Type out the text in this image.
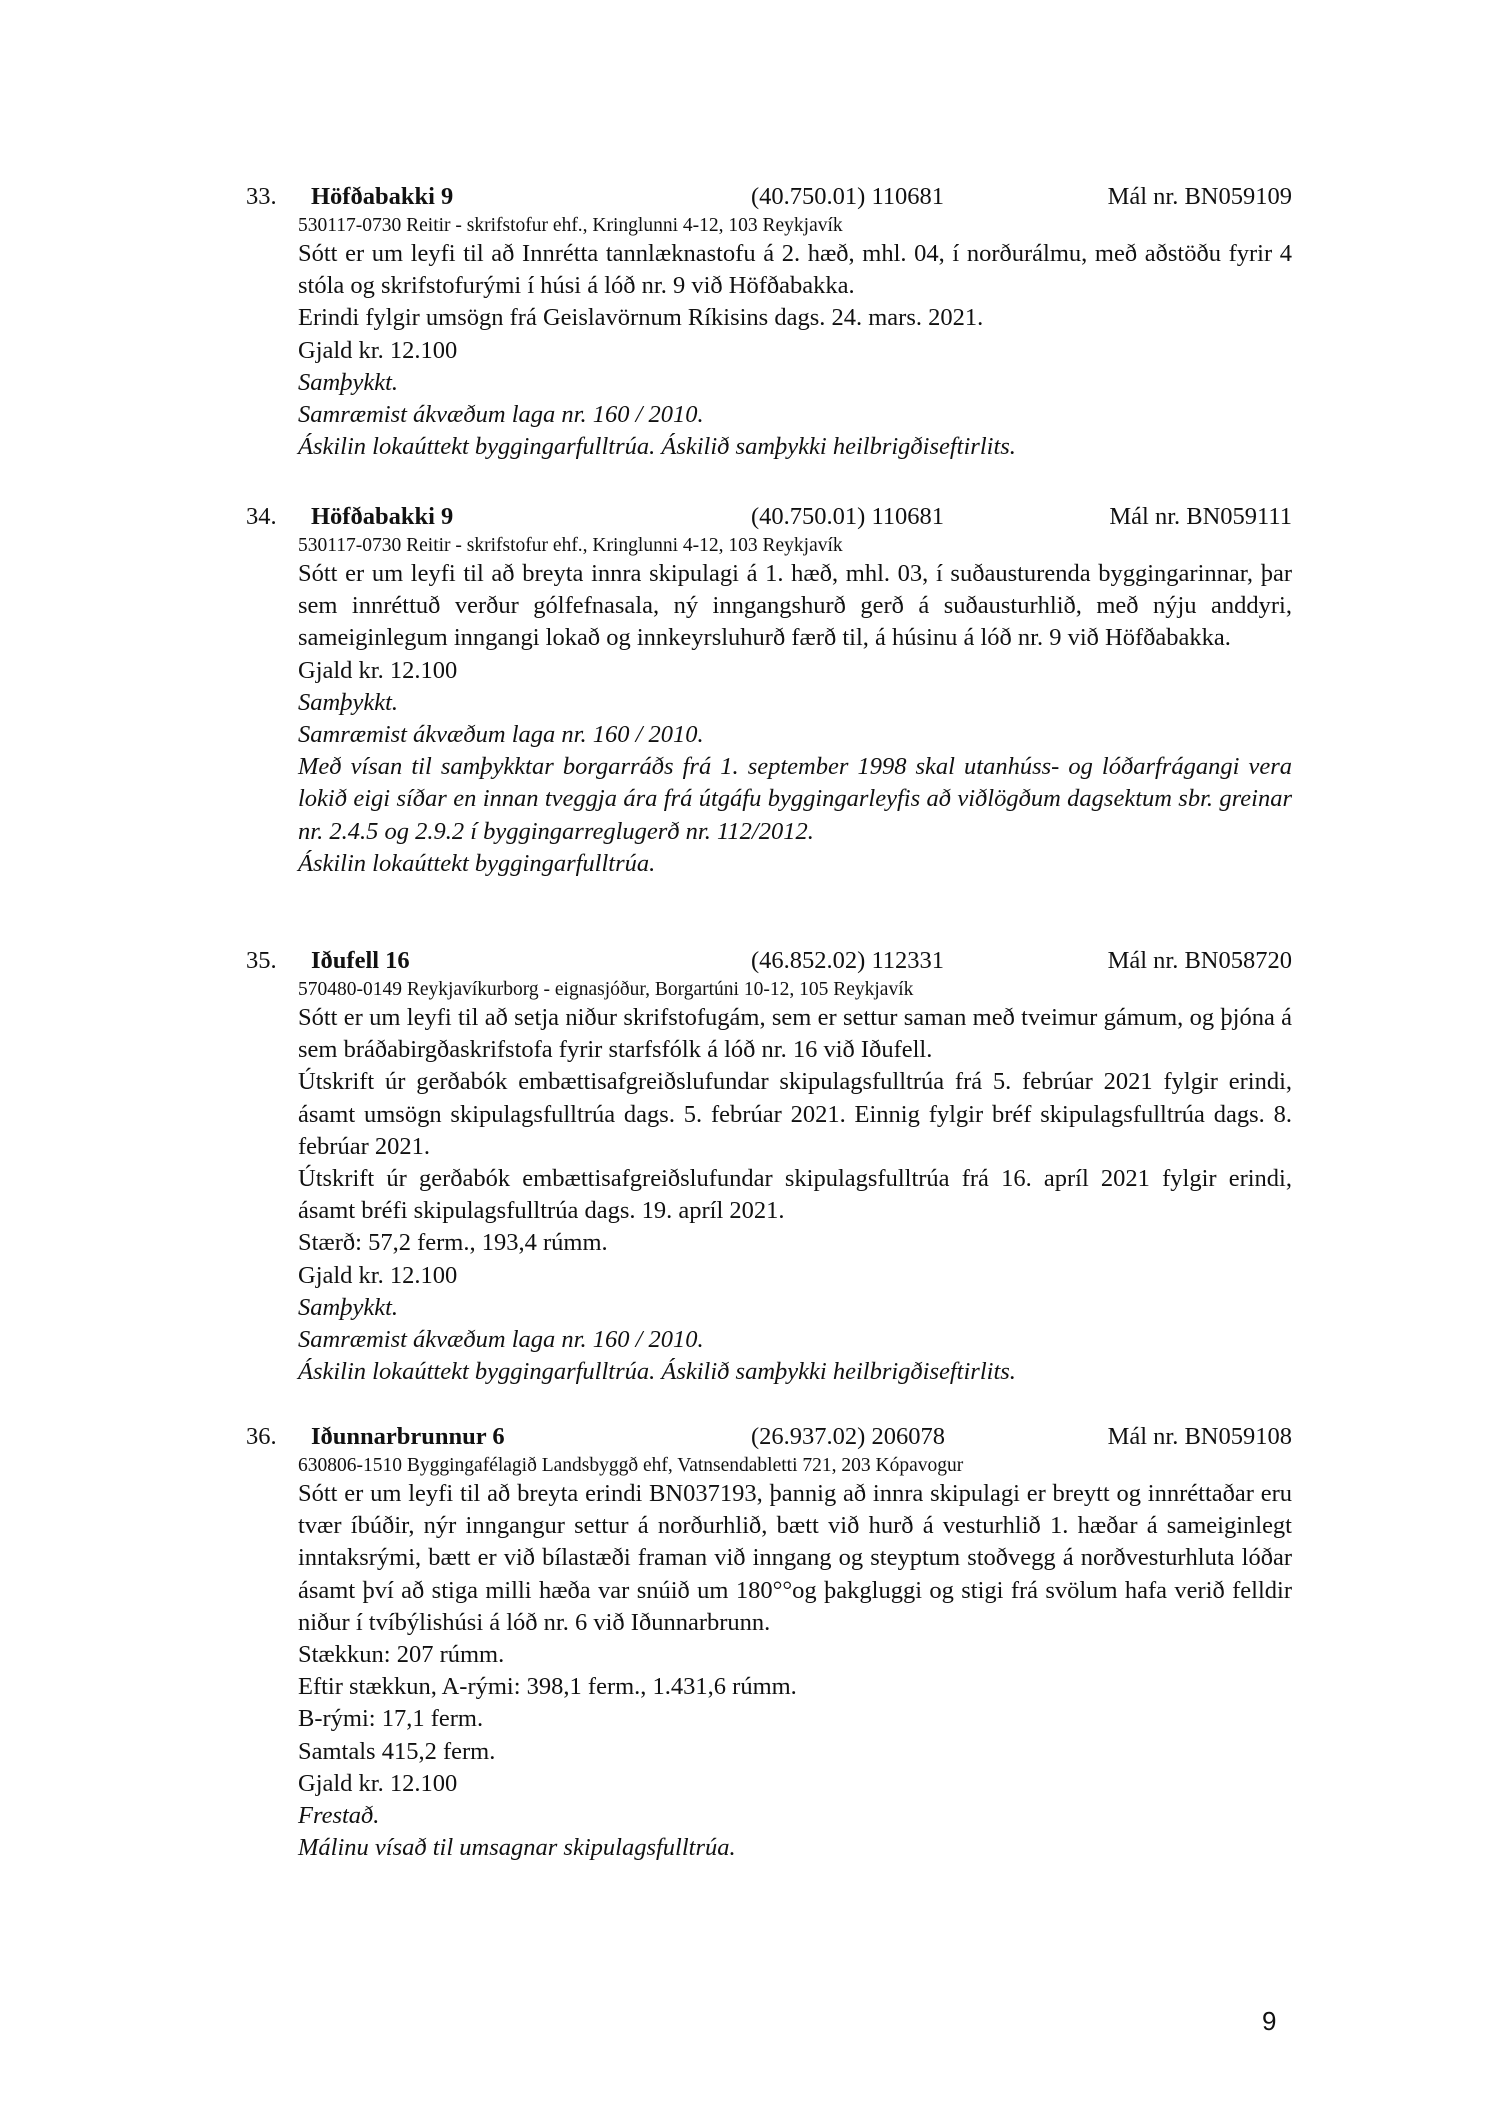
33. Höfðabakki 9	(40.750.01) 110681	Mál nr. BN059109
530117-0730 Reitir - skrifstofur ehf., Kringlunni 4-12, 103 Reykjavík

Sótt er um leyfi til að Innrétta tannlæknastofu á 2. hæð, mhl. 04, í norðurálmu, með aðstöðu fyrir 4 stóla og skrifstofurými í húsi á lóð nr. 9 við Höfðabakka.

Erindi fylgir umsögn frá Geislavörnum Ríkisins dags. 24. mars. 2021.

Gjald kr. 12.100

Samþykkt.

Samræmist ákvæðum laga nr. 160 / 2010.

Áskilin lokaúttekt byggingarfulltrúa. Áskilið samþykki heilbrigðiseftirlits.

34. Höfðabakki 9	(40.750.01) 110681	Mál nr. BN059111
530117-0730 Reitir - skrifstofur ehf., Kringlunni 4-12, 103 Reykjavík

Sótt er um leyfi til að breyta innra skipulagi á 1. hæð, mhl. 03, í suðausturenda byggingarinnar, þar sem innréttuð verður gólfefnasala, ný inngangshurð gerð á suðausturhlið, með nýju anddyri, sameiginlegum inngangi lokað og innkeyrsluhurð færð til, á húsinu á lóð nr. 9 við Höfðabakka.

Gjald kr. 12.100

Samþykkt.

Samræmist ákvæðum laga nr. 160 / 2010.

Með vísan til samþykktar borgarráðs frá 1. september 1998 skal utanhúss- og lóðarfrágangi vera lokið eigi síðar en innan tveggja ára frá útgáfu byggingarleyfis að viðlögðum dagsektum sbr. greinar nr. 2.4.5 og 2.9.2 í byggingarreglugerð nr. 112/2012.

Áskilin lokaúttekt byggingarfulltrúa.

35. Iðufell 16	(46.852.02) 112331	Mál nr. BN058720
570480-0149 Reykjavíkurborg - eignasjóður, Borgartúni 10-12, 105 Reykjavík

Sótt er um leyfi til að setja niður skrifstofugám, sem er settur saman með tveimur gámum, og þjóna á sem bráðabirgðaskrifstofa fyrir starfsfólk á lóð nr. 16 við Iðufell.

Útskrift úr gerðabók embættisafgreiðslufundar skipulagsfulltrúa frá 5. febrúar 2021 fylgir erindi, ásamt umsögn skipulagsfulltrúa dags. 5. febrúar 2021. Einnig fylgir bréf skipulagsfulltrúa dags. 8. febrúar 2021.

Útskrift úr gerðabók embættisafgreiðslufundar skipulagsfulltrúa frá 16. apríl 2021 fylgir erindi, ásamt bréfi skipulagsfulltrúa dags. 19. apríl 2021.

Stærð: 57,2 ferm., 193,4 rúmm.

Gjald kr. 12.100

Samþykkt.

Samræmist ákvæðum laga nr. 160 / 2010.

Áskilin lokaúttekt byggingarfulltrúa. Áskilið samþykki heilbrigðiseftirlits.

36. Iðunnarbrunnur 6	(26.937.02) 206078	Mál nr. BN059108
630806-1510 Byggingafélagið Landsbyggð ehf, Vatnsendabletti 721, 203 Kópavogur

Sótt er um leyfi til að breyta erindi BN037193, þannig að innra skipulagi er breytt og innréttaðar eru tvær íbúðir, nýr inngangur settur á norðurhlið, bætt við hurð á vesturhlið 1. hæðar á sameiginlegt inntaksrými, bætt er við bílastæði framan við inngang og steyptum stoðvegg á norðvesturhluta lóðar ásamt því að stiga milli hæða var snúið um 180°°og þakgluggi og stigi frá svölum hafa verið felldir niður í tvíbýlishúsi á lóð nr. 6 við Iðunnarbrunn.

Stækkun: 207 rúmm.

Eftir stækkun, A-rými: 398,1 ferm., 1.431,6 rúmm.

B-rými: 17,1 ferm.

Samtals 415,2 ferm.

Gjald kr. 12.100

Frestað.

Málinu vísað til umsagnar skipulagsfulltrúa.

9
